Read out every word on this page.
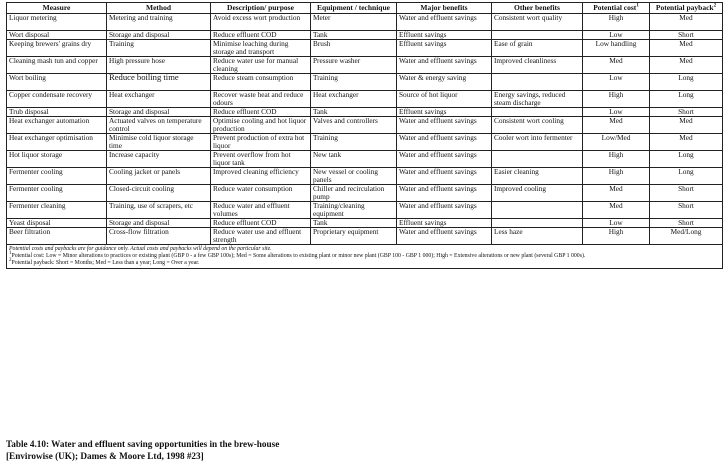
Measure	Method	Description/ purpose	Equipment / technique	Major benefits	Other benefits	Potential cost$^1$	Potential payback$^2$
Liquor metering	Metering and training	Avoid excess wort production	Meter	Water and effluent savings	Consistent wort quality	High	Med
Wort disposal	Storage and disposal	Reduce effluent COD	Tank	Effluent savings		Low	Short
Keeping brewers' grains dry	Training	Minimise leaching during storage and transport	Brush	Effluent savings	Ease of grain	Low handling	Med
Cleaning mash tun and copper	High pressure hose	Reduce water use for manual cleaning	Pressure washer	Water and effluent savings	Improved cleanliness	Med	Med
Wort boiling	Reduce boiling time	Reduce steam consumption	Training	Water & energy saving		Low	Long
Copper condensate recovery	Heat exchanger	Recover waste heat and reduce odours	Heat exchanger	Source of hot liquor	Energy savings, reduced steam discharge	High	Long
Trub disposal	Storage and disposal	Reduce effluent COD	Tank	Effluent savings		Low	Short
Heat exchanger automation	Actuated valves on temperature control	Optimise cooling and hot liquor production	Valves and controllers	Water and effluent savings	Consistent wort cooling	Med	Med
Heat exchanger optimisation	Minimise cold liquor storage time	Prevent production of extra hot liquor	Training	Water and effluent savings	Cooler wort into fermenter	Low/Med	Med
Hot liquor storage	Increase capacity	Prevent overflow from hot liquor tank	New tank	Water and effluent savings		High	Long
Fermenter cooling	Cooling jacket or panels	Improved cleaning efficiency	New vessel or cooling panels	Water and effluent savings	Easier cleaning	High	Long
Fermenter cooling	Closed-circuit cooling	Reduce water consumption	Chiller and recirculation pump	Water and effluent savings	Improved cooling	Med	Short
Fermenter cleaning	Training, use of scrapers, etc	Reduce water and effluent volumes	Training/cleaning equipment	Water and effluent savings		Med	Short
Yeast disposal	Storage and disposal	Reduce effluent COD	Tank	Effluent savings		Low	Short
Beer filtration	Cross-flow filtration	Reduce water use and effluent strength	Proprietary equipment	Water and effluent savings	Less haze	High	Med/Long

Potential costs and paybacks are for guidance only. Actual costs and paybacks will depend on the particular site.
$^1$Potential cost: Low = Minor alterations to practices or existing plant (GBP 0 - a few GBP 100s); Med = Some alterations to existing plant or minor new plant (GBP 100 - GBP 1 000); High = Extensive alterations or new plant (several GBP 1 000s).
$^2$Potential payback: Short = Months; Med = Less than a year; Long = Over a year.							
Table 4.10: Water and effluent saving opportunities in the brew-house
[Envirowise (UK); Dames & Moore Ltd, 1998 #23]
